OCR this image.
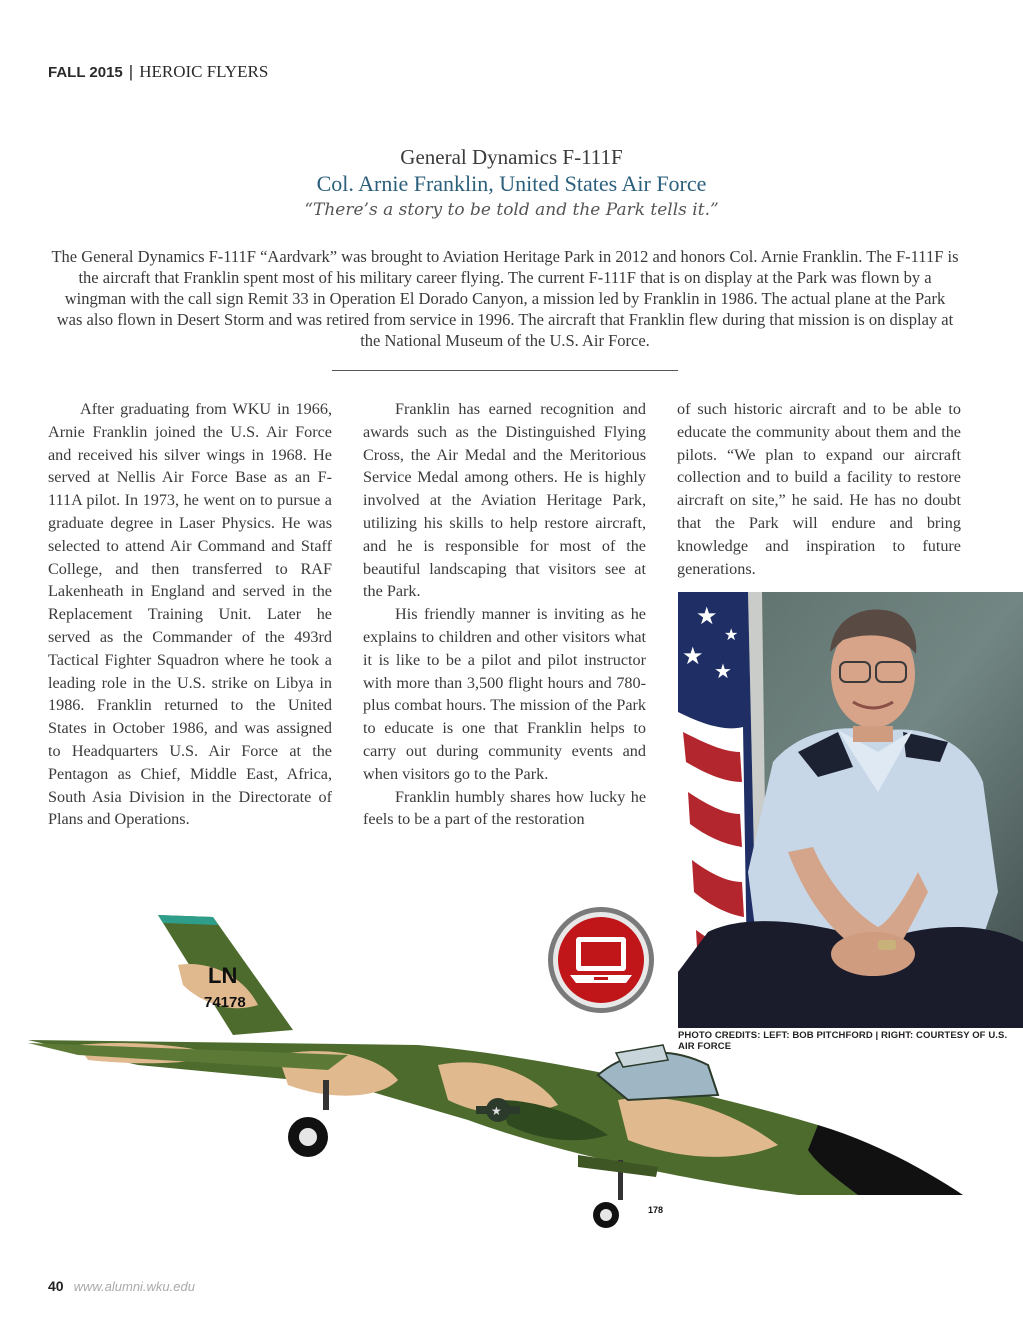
FALL 2015 | HEROIC FLYERS
General Dynamics F-111F
Col. Arnie Franklin, United States Air Force
“There’s a story to be told and the Park tells it.”
The General Dynamics F-111F “Aardvark” was brought to Aviation Heritage Park in 2012 and honors Col. Arnie Franklin. The F-111F is the aircraft that Franklin spent most of his military career flying. The current F-111F that is on display at the Park was flown by a wingman with the call sign Remit 33 in Operation El Dorado Canyon, a mission led by Franklin in 1986. The actual plane at the Park was also flown in Desert Storm and was retired from service in 1996. The aircraft that Franklin flew during that mission is on display at the National Museum of the U.S. Air Force.

After graduating from WKU in 1966, Arnie Franklin joined the U.S. Air Force and received his silver wings in 1968. He served at Nellis Air Force Base as an F-111A pilot. In 1973, he went on to pursue a graduate degree in Laser Physics. He was selected to attend Air Command and Staff College, and then transferred to RAF Lakenheath in England and served in the Replacement Training Unit. Later he served as the Commander of the 493rd Tactical Fighter Squadron where he took a leading role in the U.S. strike on Libya in 1986. Franklin returned to the United States in October 1986, and was assigned to Headquarters U.S. Air Force at the Pentagon as Chief, Middle East, Africa, South Asia Division in the Directorate of Plans and Operations.

Franklin has earned recognition and awards such as the Distinguished Flying Cross, the Air Medal and the Meritorious Service Medal among others. He is highly involved at the Aviation Heritage Park, utilizing his skills to help restore aircraft, and he is responsible for most of the beautiful landscaping that visitors see at the Park.

His friendly manner is inviting as he explains to children and other visitors what it is like to be a pilot and pilot instructor with more than 3,500 flight hours and 780-plus combat hours. The mission of the Park to educate is one that Franklin helps to carry out during community events and when visitors go to the Park.

Franklin humbly shares how lucky he feels to be a part of the restoration

of such historic aircraft and to be able to educate the community about them and the pilots. “We plan to expand our aircraft collection and to build a facility to restore aircraft on site,” he said. He has no doubt that the Park will endure and bring knowledge and inspiration to future generations.

★
★
★
★
PHOTO CREDITS: LEFT: BOB PITCHFORD | RIGHT: COURTESY OF U.S. AIR FORCE
LN
74178
★
178
40 www.alumni.wku.edu
